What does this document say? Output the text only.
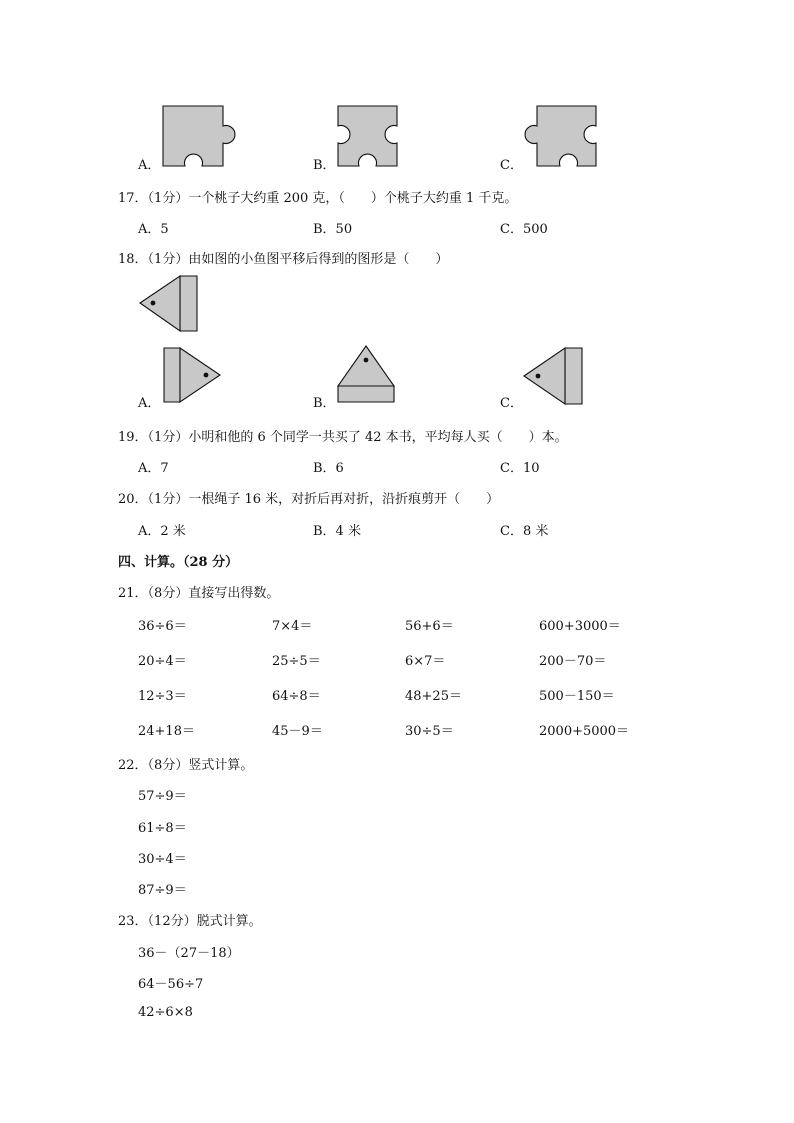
A．	B．	C．
17．（1分）一个桃子大约重 200 克，（　　）个桃子大约重 1 千克。
A．5	B．50	C．500
18．（1分）由如图的小鱼图平移后得到的图形是（　　）
A．	B．	C．
19．（1分）小明和他的 6 个同学一共买了 42 本书，平均每人买（　　）本。
A．7	B．6	C．10
20．（1分）一根绳子 16 米，对折后再对折，沿折痕剪开（　　）
A．2 米	B．4 米	C．8 米
四、计算。（28 分）
21．（8分）直接写出得数。
36÷6＝	7×4＝	56+6＝	600+3000＝
20÷4＝	25÷5＝	6×7＝	200－70＝
12÷3＝	64÷8＝	48+25＝	500－150＝
24+18＝	45－9＝	30÷5＝	2000+5000＝
22．（8分）竖式计算。
57÷9＝
61÷8＝
30÷4＝
87÷9＝
23．（12分）脱式计算。
36－（27－18）
64－56÷7
42÷6×8
